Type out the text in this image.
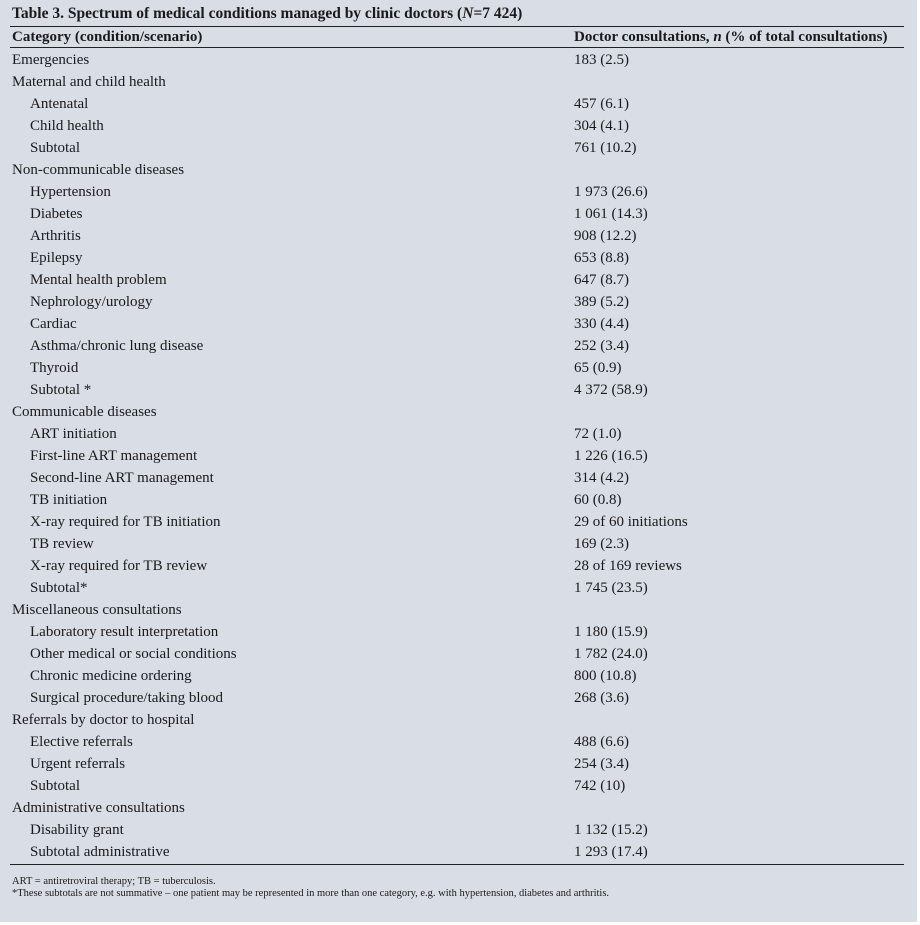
Table 3. Spectrum of medical conditions managed by clinic doctors (N=7 424)
Category (condition/scenario)	Doctor consultations, n (% of total consultations)
Emergencies	183 (2.5)
Maternal and child health
Antenatal	457 (6.1)
Child health	304 (4.1)
Subtotal	761 (10.2)
Non-communicable diseases
Hypertension	1 973 (26.6)
Diabetes	1 061 (14.3)
Arthritis	908 (12.2)
Epilepsy	653 (8.8)
Mental health problem	647 (8.7)
Nephrology/urology	389 (5.2)
Cardiac	330 (4.4)
Asthma/chronic lung disease	252 (3.4)
Thyroid	65 (0.9)
Subtotal *	4 372 (58.9)
Communicable diseases
ART initiation	72 (1.0)
First-line ART management	1 226 (16.5)
Second-line ART management	314 (4.2)
TB initiation	60 (0.8)
X-ray required for TB initiation	29 of 60 initiations
TB review	169 (2.3)
X-ray required for TB review	28 of 169 reviews
Subtotal*	1 745 (23.5)
Miscellaneous consultations
Laboratory result interpretation	1 180 (15.9)
Other medical or social conditions	1 782 (24.0)
Chronic medicine ordering	800 (10.8)
Surgical procedure/taking blood	268 (3.6)
Referrals by doctor to hospital
Elective referrals	488 (6.6)
Urgent referrals	254 (3.4)
Subtotal	742 (10)
Administrative consultations
Disability grant	1 132 (15.2)
Subtotal administrative	1 293 (17.4)
ART = antiretroviral therapy; TB = tuberculosis.
*These subtotals are not summative – one patient may be represented in more than one category, e.g. with hypertension, diabetes and arthritis.
